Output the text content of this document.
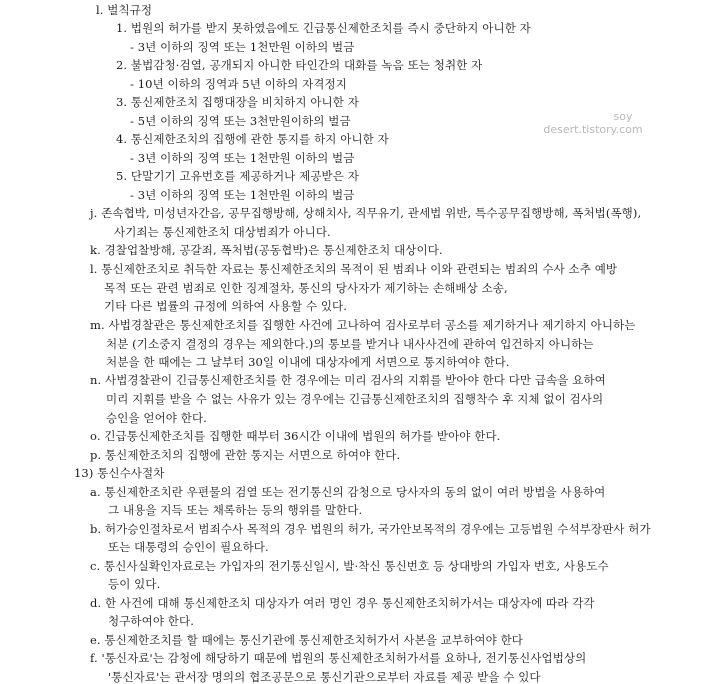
soy
desert.tistory.com
l. 벌칙규정
1. 법원의 허가를 받지 못하였음에도 긴급통신제한조치를 즉시 중단하지 아니한 자
- 3년 이하의 징역 또는 1천만원 이하의 벌금
2. 불법감청·검열, 공개되지 아니한 타인간의 대화를 녹음 또는 청취한 자
- 10년 이하의 징역과 5년 이하의 자격정지
3. 통신제한조치 집행대장을 비치하지 아니한 자
- 5년 이하의 징역 또는 3천만원이하의 벌금
4. 통신제한조치의 집행에 관한 통지를 하지 아니한 자
- 3년 이하의 징역 또는 1천만원 이하의 벌금
5. 단말기기 고유번호를 제공하거나 제공받은 자
- 3년 이하의 징역 또는 1천만원 이하의 벌금
j. 존속협박, 미성년자간음, 공무집행방해, 상해치사, 직무유기, 관세법 위반, 특수공무집행방해, 폭처법(폭행),
사기죄는 통신제한조치 대상범죄가 아니다.
k. 경찰업찰방해, 공갈죄, 폭처법(공동협박)은 통신제한조치 대상이다.
l. 통신제한조치로 취득한 자료는 통신제한조치의 목적이 된 범죄나 이와 관련되는 범죄의 수사 소추 예방
목적 또는 관련 범죄로 인한 징계절차, 통신의 당사자가 제기하는 손해배상 소송,
기타 다른 법률의 규정에 의하여 사용할 수 있다.
m. 사법경찰관은 통신제한조치를 집행한 사건에 고나하여 검사로부터 공소를 제기하거나 제기하지 아니하는
처분 (기소중지 결정의 경우는 제외한다.)의 통보를 받거나 내사사건에 관하여 입건하지 아니하는
처분을 한 때에는 그 날부터 30일 이내에 대상자에게 서면으로 통지하여야 한다.
n. 사법경찰관이 긴급통신제한조치를 한 경우에는 미리 검사의 지휘를 받아야 한다 다만 급속을 요하여
미리 지휘를 받을 수 없는 사유가 있는 경우에는 긴급통신제한조치의 집행착수 후 지체 없이 검사의
승인을 얻어야 한다.
o. 긴급통신제한조치를 집행한 때부터 36시간 이내에 법원의 허가를 받아야 한다.
p. 통신제한조치의 집행에 관한 통지는 서면으로 하여야 한다.
13) 통신수사절차
a. 통신제한조치란 우편물의 검열 또는 전기통신의 감청으로 당사자의 동의 없이 여러 방법을 사용하여
그 내용을 지득 또는 채록하는 등의 행위를 말한다.
b. 허가승인절차로서 범죄수사 목적의 경우 법원의 허가, 국가안보목적의 경우에는 고등법원 수석부장판사 허가
또는 대통령의 승인이 필요하다.
c. 통신사실확인자료로는 가입자의 전기통신일시, 발·착신 통신번호 등 상대방의 가입자 번호, 사용도수
등이 있다.
d. 한 사건에 대해 통신제한조치 대상자가 여러 명인 경우 통신제한조치허가서는 대상자에 따라 각각
청구하여야 한다.
e. 통신제한조치를 할 때에는 통신기관에 통신제한조치허가서 사본을 교부하여야 한다
f. '통신자료'는 감청에 해당하기 때문에 법원의 통신제한조치허가서를 요하나, 전기통신사업법상의
'통신자료'는 관서장 명의의 협조공문으로 통신기관으로부터 자료를 제공 받을 수 있다
